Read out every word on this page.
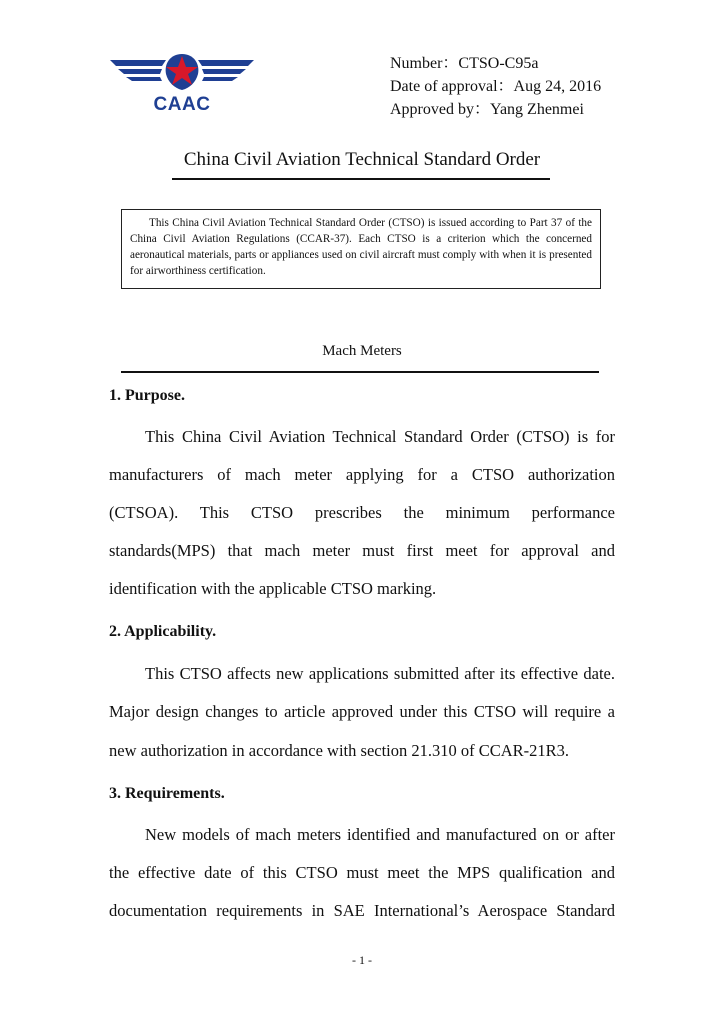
CAAC
Number：CTSO-C95a
Date of approval：Aug 24, 2016
Approved by：Yang Zhenmei
China Civil Aviation Technical Standard Order
This China Civil Aviation Technical Standard Order (CTSO) is issued according to Part 37 of the China Civil Aviation Regulations (CCAR-37). Each CTSO is a criterion which the concerned aeronautical materials, parts or appliances used on civil aircraft must comply with when it is presented for airworthiness certification.
Mach Meters
1. Purpose.
This China Civil Aviation Technical Standard Order (CTSO) is for
manufacturers of mach meter applying for a CTSO authorization
(CTSOA). This CTSO prescribes the minimum performance
standards(MPS) that mach meter must first meet for approval and
identification with the applicable CTSO marking.
2. Applicability.
This CTSO affects new applications submitted after its effective date.
Major design changes to article approved under this CTSO will require a
new authorization in accordance with section 21.310 of CCAR-21R3.
3. Requirements.
New models of mach meters identified and manufactured on or after
the effective date of this CTSO must meet the MPS qualification and
documentation requirements in SAE International’s Aerospace Standard
- 1 -
